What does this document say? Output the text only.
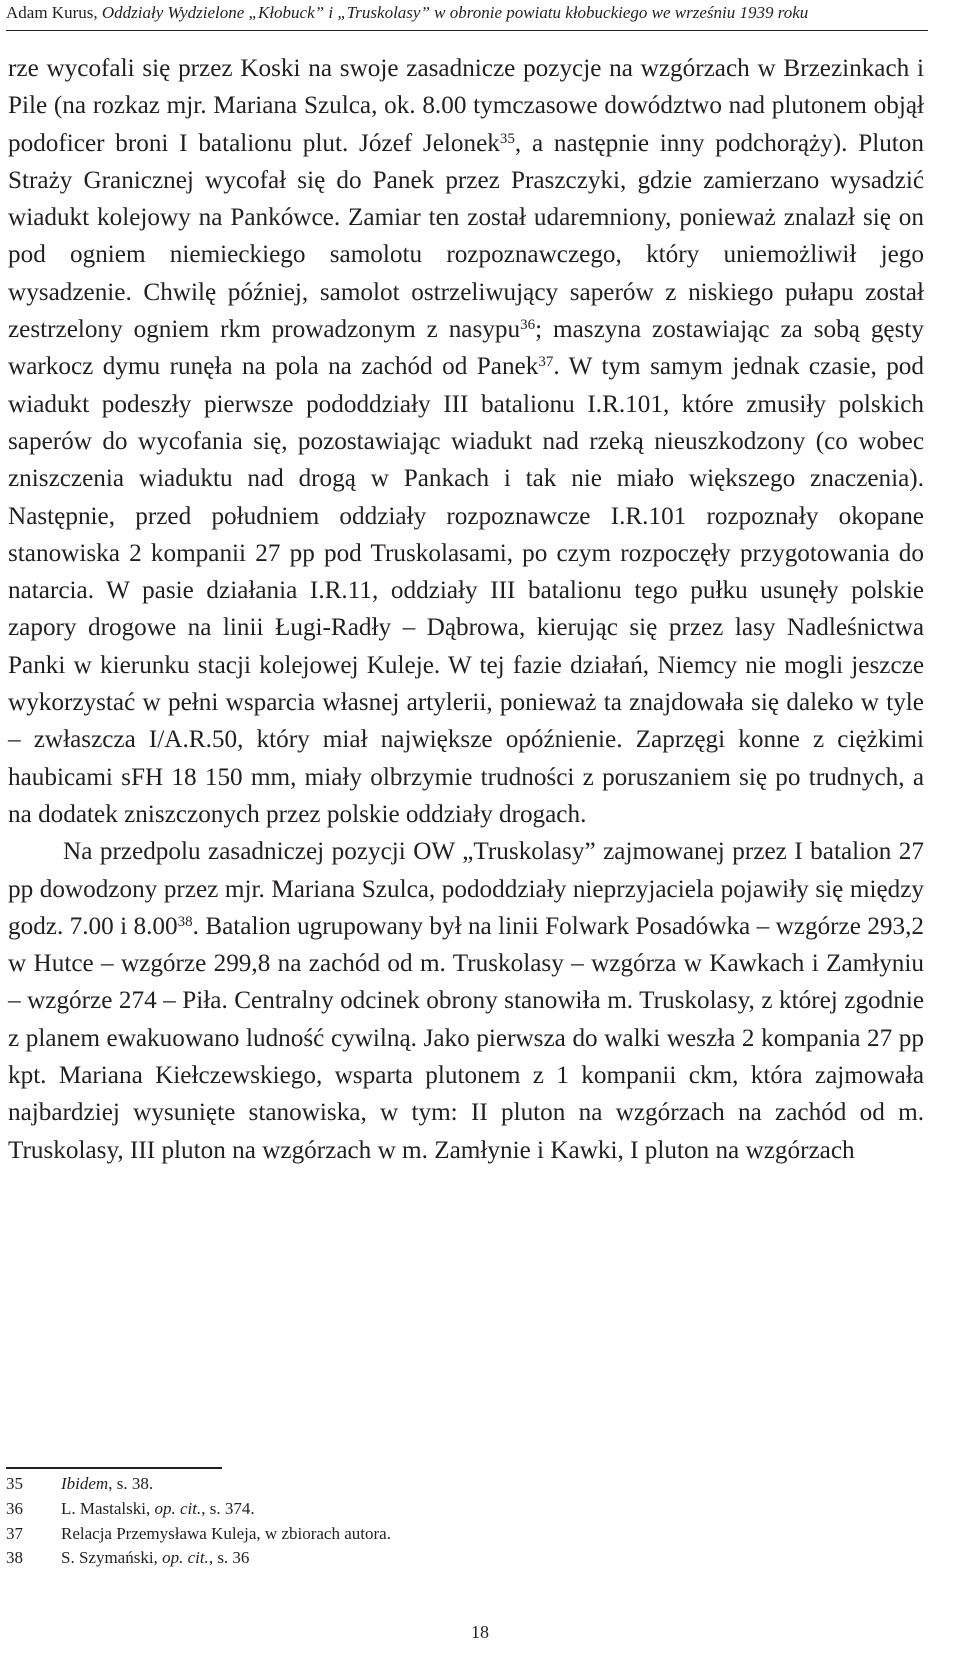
Adam Kurus, Oddziały Wydzielone „Kłobuck” i „Truskolasy” w obronie powiatu kłobuckiego we wrześniu 1939 roku

rze wycofali się przez Koski na swoje zasadnicze pozycje na wzgórzach w Brzezinkach i Pile (na rozkaz mjr. Mariana Szulca, ok. 8.00 tymczasowe dowództwo nad plutonem objął podoficer broni I batalionu plut. Józef Jelonek$^{35}$, a następnie inny podchorąży). Pluton Straży Granicznej wycofał się do Panek przez Praszczyki, gdzie zamierzano wysadzić wiadukt kolejowy na Pankówce. Zamiar ten został udaremniony, ponieważ znalazł się on pod ogniem niemieckiego samolotu rozpoznawczego, który uniemożliwił jego wysadzenie. Chwilę później, samolot ostrzeliwujący saperów z niskiego pułapu został zestrzelony ogniem rkm prowadzonym z nasypu$^{36}$; maszyna zostawiając za sobą gęsty warkocz dymu runęła na pola na zachód od Panek$^{37}$. W tym samym jednak czasie, pod wiadukt podeszły pierwsze pododdziały III batalionu I.R.101, które zmusiły polskich saperów do wycofania się, pozostawiając wiadukt nad rzeką nieuszkodzony (co wobec zniszczenia wiaduktu nad drogą w Pankach i tak nie miało większego znaczenia). Następnie, przed południem oddziały rozpoznawcze I.R.101 rozpoznały okopane stanowiska 2 kompanii 27 pp pod Truskolasami, po czym rozpoczęły przygotowania do natarcia. W pasie działania I.R.11, oddziały III batalionu tego pułku usunęły polskie zapory drogowe na linii Ługi-Radły – Dąbrowa, kierując się przez lasy Nadleśnictwa Panki w kierunku stacji kolejowej Kuleje. W tej fazie działań, Niemcy nie mogli jeszcze wykorzystać w pełni wsparcia własnej artylerii, ponieważ ta znajdowała się daleko w tyle – zwłaszcza I/A.R.50, który miał największe opóźnienie. Zaprzęgi konne z ciężkimi haubicami sFH 18 150 mm, miały olbrzymie trudności z poruszaniem się po trudnych, a na dodatek zniszczonych przez polskie oddziały drogach.

Na przedpolu zasadniczej pozycji OW „Truskolasy” zajmowanej przez I batalion 27 pp dowodzony przez mjr. Mariana Szulca, pododdziały nieprzyjaciela pojawiły się między godz. 7.00 i 8.00$^{38}$. Batalion ugrupowany był na linii Folwark Posadówka – wzgórze 293,2 w Hutce – wzgórze 299,8 na zachód od m. Truskolasy – wzgórza w Kawkach i Zamłyniu – wzgórze 274 – Piła. Centralny odcinek obrony stanowiła m. Truskolasy, z której zgodnie z planem ewakuowano ludność cywilną. Jako pierwsza do walki weszła 2 kompania 27 pp kpt. Mariana Kiełczewskiego, wsparta plutonem z 1 kompanii ckm, która zajmowała najbardziej wysunięte stanowiska, w tym: II pluton na wzgórzach na zachód od m. Truskolasy, III pluton na wzgórzach w m. Zamłynie i Kawki, I pluton na wzgórzach

35	Ibidem, s. 38.
36	L. Mastalski, op. cit., s. 374.
37	Relacja Przemysława Kuleja, w zbiorach autora.
38	S. Szymański, op. cit., s. 36
18
